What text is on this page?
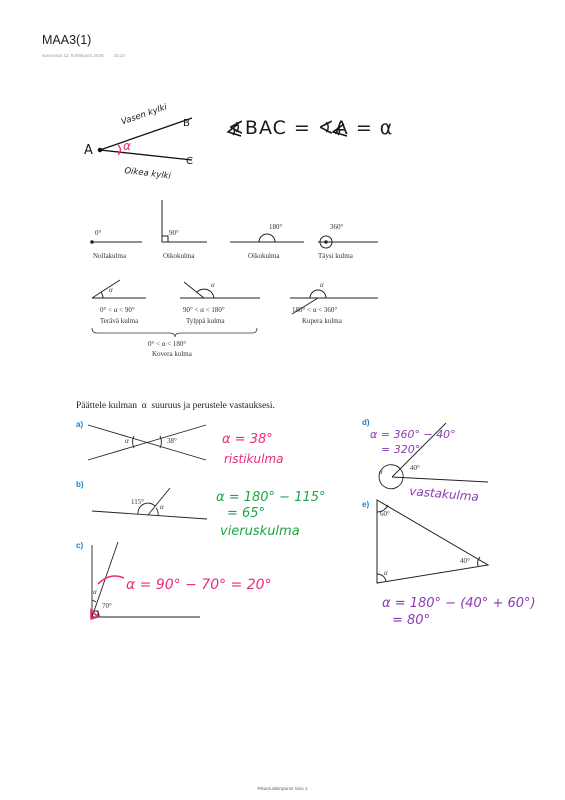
MAA3(1)
sunnuntai 12. huhtikuuta 2026 18.24
A
B
C
Vasen kylki
Oikea kylki
α
∢BAC = ∢A = α
0°
Nollakulma
90°
Oikokulma
180°
Oikokulma
360°
Täysi kulma
α
α	α
0° < α < 90°
Terävä kulma
90° < α < 180°
Tylppä kulma
180° < α < 360°
Kupera kulma
0° < α < 180°
Kovera kulma
Päättele kulman  α  suuruus ja perustele vastauksesi.
a)
α	38°	α = 38°
ristikulma
b)
115°
α
α = 180° − 115°
= 65°
vieruskulma
c)
α
70°
α = 90° − 70° = 20°
d)
α = 360° − 40°
= 320°
α	40°
vastakulma
e)
60°
α
40°
α = 180° − (40° + 60°)
= 80°
Pikamuistiinpanot Sivu 1
